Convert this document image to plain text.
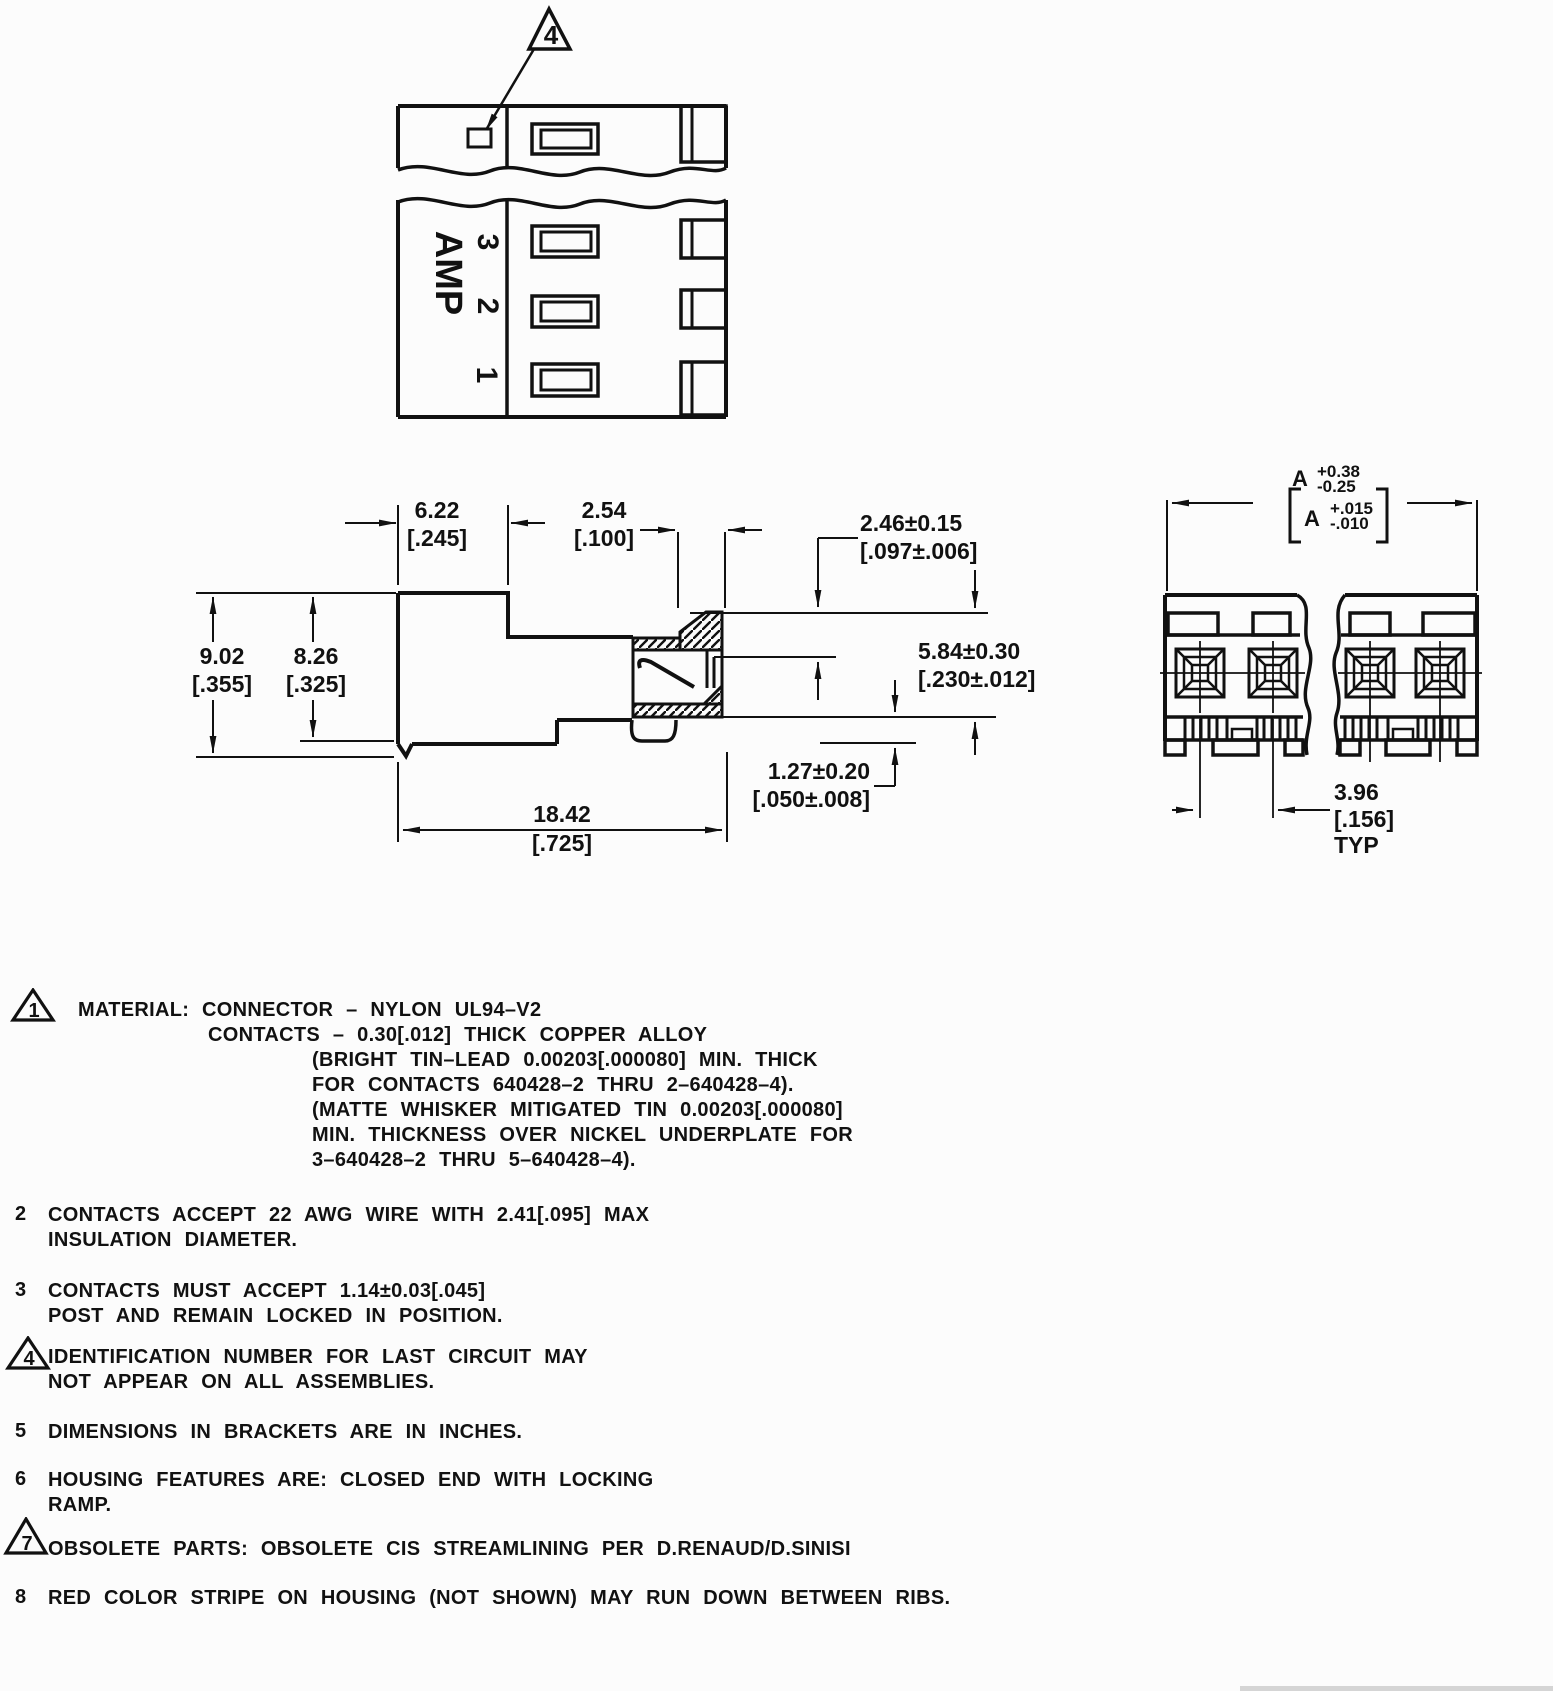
4
AMP 3
2
1
6.22
[.245]
2.54
[.100]
9.02
[.355]
8.26
[.325]
18.42
[.725]
2.46±0.15
[.097±.006]
5.84±0.30
[.230±.012]
1.27±0.20
[.050±.008]
A +0.38
-0.25
A +.015
-.010
3.96
[.156]
TYP
1 MATERIAL: CONNECTOR – NYLON UL94–V2
CONTACTS – 0.30[.012] THICK COPPER ALLOY
(BRIGHT TIN–LEAD 0.00203[.000080] MIN. THICK
FOR CONTACTS 640428–2 THRU 2–640428–4).
(MATTE WHISKER MITIGATED TIN 0.00203[.000080]
MIN. THICKNESS OVER NICKEL UNDERPLATE FOR
3–640428–2 THRU 5–640428–4).
2 CONTACTS ACCEPT 22 AWG WIRE WITH 2.41[.095] MAX
INSULATION DIAMETER.
3 CONTACTS MUST ACCEPT 1.14±0.03[.045]
POST AND REMAIN LOCKED IN POSITION.
4 IDENTIFICATION NUMBER FOR LAST CIRCUIT MAY
NOT APPEAR ON ALL ASSEMBLIES.
5 DIMENSIONS IN BRACKETS ARE IN INCHES.
6 HOUSING FEATURES ARE: CLOSED END WITH LOCKING
RAMP.
7 OBSOLETE PARTS: OBSOLETE CIS STREAMLINING PER D.RENAUD/D.SINISI
8 RED COLOR STRIPE ON HOUSING (NOT SHOWN) MAY RUN DOWN BETWEEN RIBS.
